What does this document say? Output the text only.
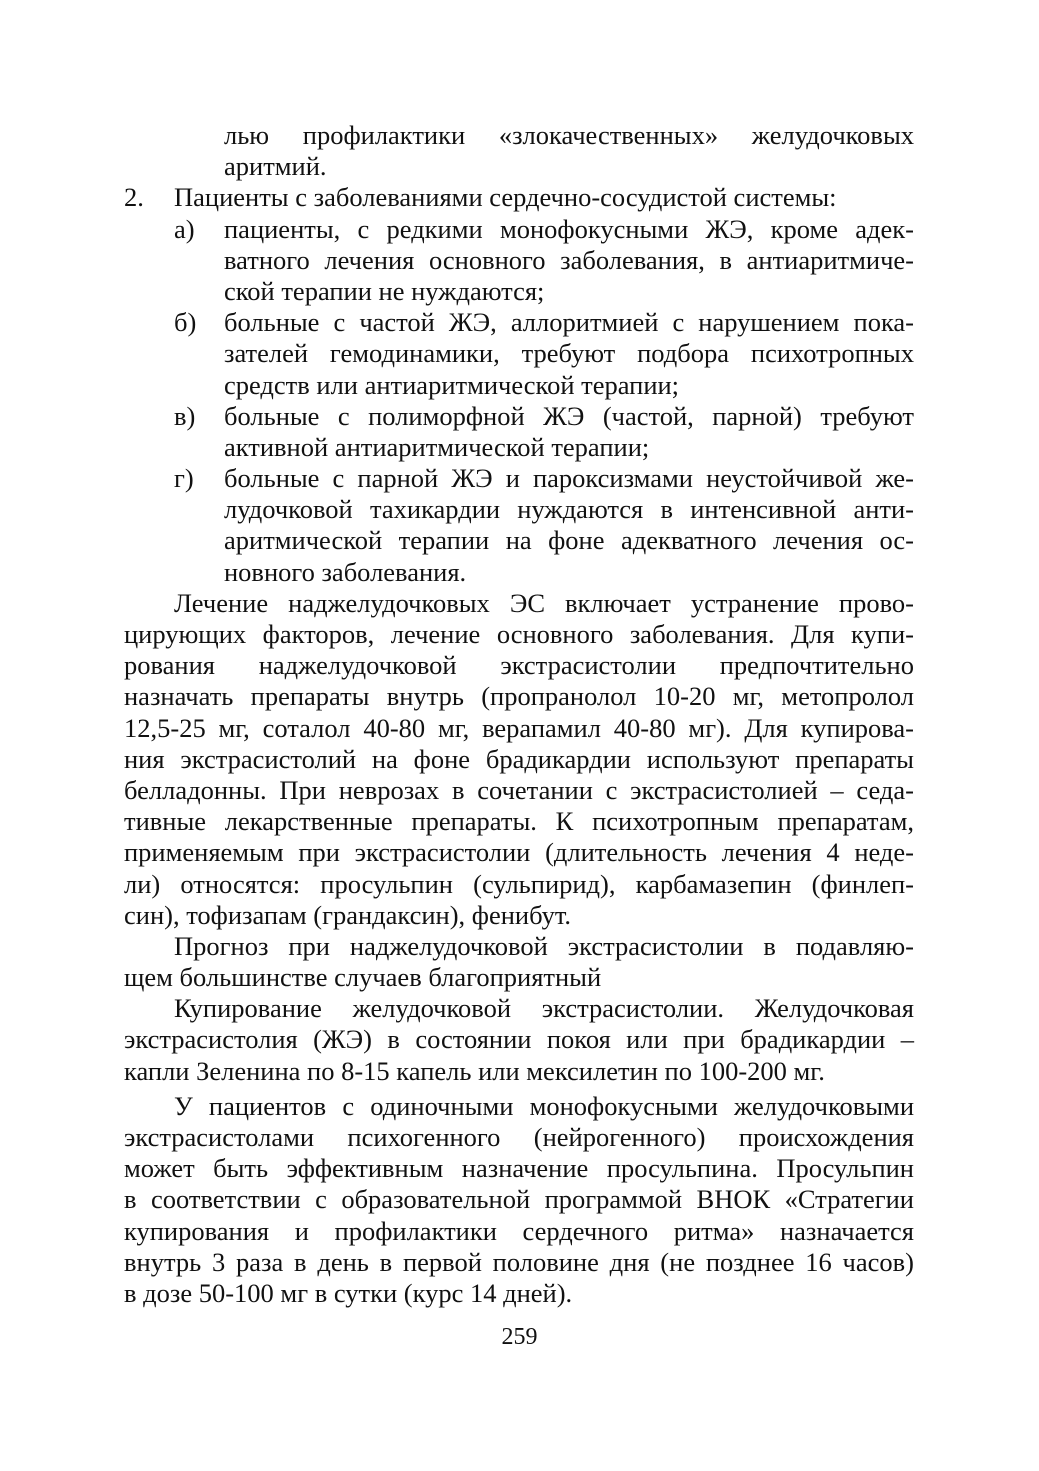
лью профилактики «злокачественных» желудочковых
аритмий.
2. Пациенты с заболеваниями сердечно-сосудистой системы:
а) пациенты, с редкими монофокусными ЖЭ, кроме адек-
ватного лечения основного заболевания, в антиаритмиче-
ской терапии не нуждаются;
б) больные с частой ЖЭ, аллоритмией с нарушением пока-
зателей гемодинамики, требуют подбора психотропных
средств или антиаритмической терапии;
в) больные с полиморфной ЖЭ (частой, парной) требуют
активной антиаритмической терапии;
г) больные с парной ЖЭ и пароксизмами неустойчивой же-
лудочковой тахикардии нуждаются в интенсивной анти-
аритмической терапии на фоне адекватного лечения ос-
новного заболевания.
Лечение наджелудочковых ЭС включает устранение прово-
цирующих факторов, лечение основного заболевания. Для купи-
рования наджелудочковой экстрасистолии предпочтительно
назначать препараты внутрь (пропранолол 10-20 мг, метопролол
12,5-25 мг, соталол 40-80 мг, верапамил 40-80 мг). Для купирова-
ния экстрасистолий на фоне брадикардии используют препараты
белладонны. При неврозах в сочетании с экстрасистолией – седа-
тивные лекарственные препараты. К психотропным препаратам,
применяемым при экстрасистолии (длительность лечения 4 неде-
ли) относятся: просульпин (сульпирид), карбамазепин (финлеп-
син), тофизапам (грандаксин), фенибут.
Прогноз при наджелудочковой экстрасистолии в подавляю-
щем большинстве случаев благоприятный
Купирование желудочковой экстрасистолии. Желудочковая
экстрасистолия (ЖЭ) в состоянии покоя или при брадикардии –
капли Зеленина по 8-15 капель или мексилетин по 100-200 мг.
У пациентов с одиночными монофокусными желудочковыми
экстрасистолами психогенного (нейрогенного) происхождения
может быть эффективным назначение просульпина. Просульпин
в соответствии с образовательной программой ВНОК «Стратегии
купирования и профилактики сердечного ритма» назначается
внутрь 3 раза в день в первой половине дня (не позднее 16 часов)
в дозе 50-100 мг в сутки (курс 14 дней).
259
